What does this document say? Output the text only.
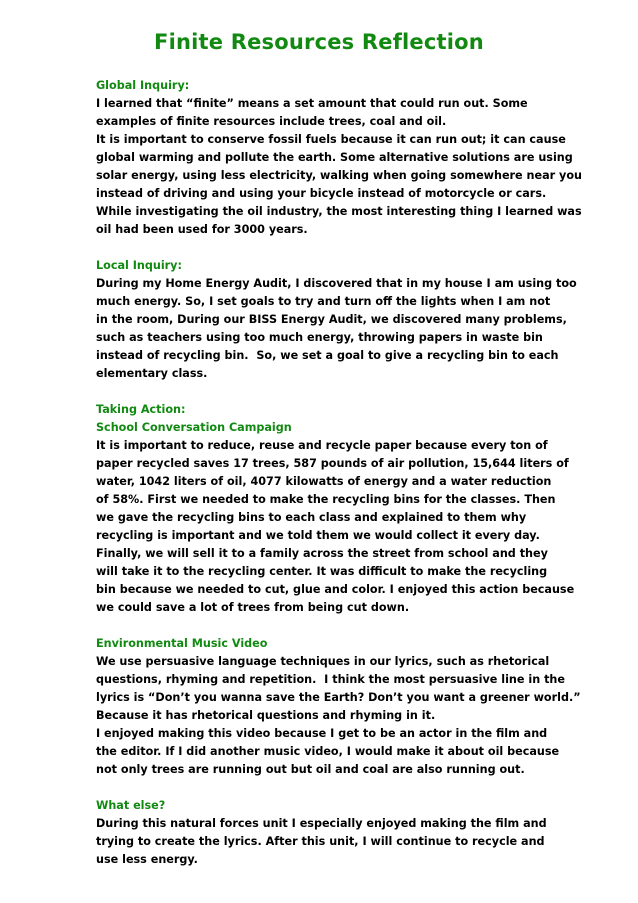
Finite Resources Reflection
Global Inquiry:
I learned that “finite” means a set amount that could run out. Some
examples of finite resources include trees, coal and oil.
It is important to conserve fossil fuels because it can run out; it can cause
global warming and pollute the earth. Some alternative solutions are using
solar energy, using less electricity, walking when going somewhere near you
instead of driving and using your bicycle instead of motorcycle or cars.
While investigating the oil industry, the most interesting thing I learned was
oil had been used for 3000 years.
Local Inquiry:
During my Home Energy Audit, I discovered that in my house I am using too
much energy. So, I set goals to try and turn off the lights when I am not
in the room, During our BISS Energy Audit, we discovered many problems,
such as teachers using too much energy, throwing papers in waste bin
instead of recycling bin.  So, we set a goal to give a recycling bin to each
elementary class.
Taking Action:
School Conversation Campaign
It is important to reduce, reuse and recycle paper because every ton of
paper recycled saves 17 trees, 587 pounds of air pollution, 15,644 liters of
water, 1042 liters of oil, 4077 kilowatts of energy and a water reduction
of 58%. First we needed to make the recycling bins for the classes. Then
we gave the recycling bins to each class and explained to them why
recycling is important and we told them we would collect it every day.
Finally, we will sell it to a family across the street from school and they
will take it to the recycling center. It was difficult to make the recycling
bin because we needed to cut, glue and color. I enjoyed this action because
we could save a lot of trees from being cut down.
Environmental Music Video
We use persuasive language techniques in our lyrics, such as rhetorical
questions, rhyming and repetition.  I think the most persuasive line in the
lyrics is “Don’t you wanna save the Earth? Don’t you want a greener world.”
Because it has rhetorical questions and rhyming in it.
I enjoyed making this video because I get to be an actor in the film and
the editor. If I did another music video, I would make it about oil because
not only trees are running out but oil and coal are also running out.
What else?
During this natural forces unit I especially enjoyed making the film and
trying to create the lyrics. After this unit, I will continue to recycle and
use less energy.
